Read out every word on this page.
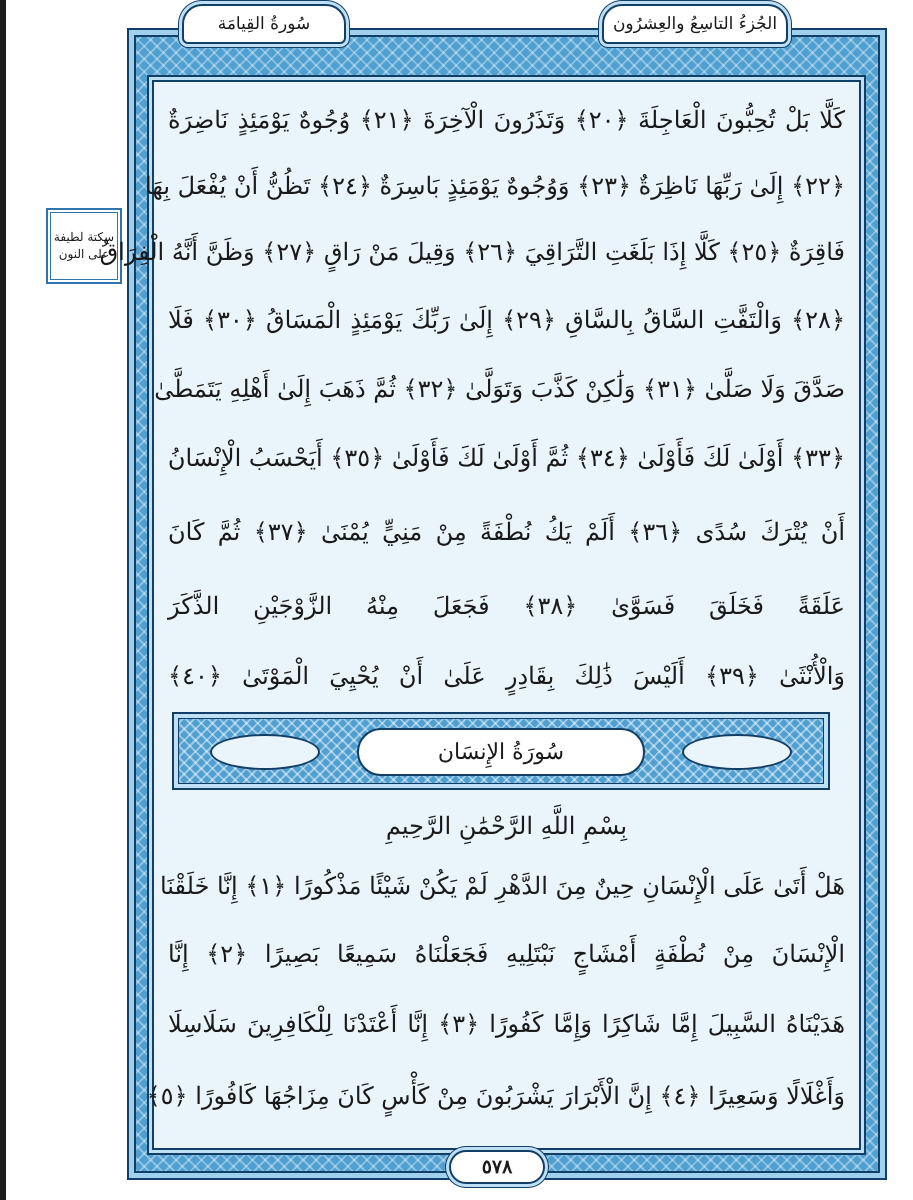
الجُزءُ التاسِعُ والعِشرُون
سُورةُ القِيامَة
سكتة لطيفة على النون
كَلَّا بَلْ تُحِبُّونَ الْعَاجِلَةَ ﴿٢٠﴾ وَتَذَرُونَ الْآخِرَةَ ﴿٢١﴾ وُجُوهٌ يَوْمَئِذٍ نَاضِرَةٌ
﴿٢٢﴾ إِلَىٰ رَبِّهَا نَاظِرَةٌ ﴿٢٣﴾ وَوُجُوهٌ يَوْمَئِذٍ بَاسِرَةٌ ﴿٢٤﴾ تَظُنُّ أَنْ يُفْعَلَ بِهَا
فَاقِرَةٌ ﴿٢٥﴾ كَلَّا إِذَا بَلَغَتِ التَّرَاقِيَ ﴿٢٦﴾ وَقِيلَ مَنْ رَاقٍ ﴿٢٧﴾ وَظَنَّ أَنَّهُ الْفِرَاقُ
﴿٢٨﴾ وَالْتَفَّتِ السَّاقُ بِالسَّاقِ ﴿٢٩﴾ إِلَىٰ رَبِّكَ يَوْمَئِذٍ الْمَسَاقُ ﴿٣٠﴾ فَلَا
صَدَّقَ وَلَا صَلَّىٰ ﴿٣١﴾ وَلَٰكِنْ كَذَّبَ وَتَوَلَّىٰ ﴿٣٢﴾ ثُمَّ ذَهَبَ إِلَىٰ أَهْلِهِ يَتَمَطَّىٰ
﴿٣٣﴾ أَوْلَىٰ لَكَ فَأَوْلَىٰ ﴿٣٤﴾ ثُمَّ أَوْلَىٰ لَكَ فَأَوْلَىٰ ﴿٣٥﴾ أَيَحْسَبُ الْإِنْسَانُ
أَنْ يُتْرَكَ سُدًى ﴿٣٦﴾ أَلَمْ يَكُ نُطْفَةً مِنْ مَنِيٍّ يُمْنَىٰ ﴿٣٧﴾ ثُمَّ كَانَ
عَلَقَةً فَخَلَقَ فَسَوَّىٰ ﴿٣٨﴾ فَجَعَلَ مِنْهُ الزَّوْجَيْنِ الذَّكَرَ
وَالْأُنْثَىٰ ﴿٣٩﴾ أَلَيْسَ ذَٰلِكَ بِقَادِرٍ عَلَىٰ أَنْ يُحْيِيَ الْمَوْتَىٰ ﴿٤٠﴾
سُورَةُ الإِنسَان
بِسْمِ اللَّهِ الرَّحْمَٰنِ الرَّحِيمِ
هَلْ أَتَىٰ عَلَى الْإِنْسَانِ حِينٌ مِنَ الدَّهْرِ لَمْ يَكُنْ شَيْئًا مَذْكُورًا ﴿١﴾ إِنَّا خَلَقْنَا
الْإِنْسَانَ مِنْ نُطْفَةٍ أَمْشَاجٍ نَبْتَلِيهِ فَجَعَلْنَاهُ سَمِيعًا بَصِيرًا ﴿٢﴾ إِنَّا
هَدَيْنَاهُ السَّبِيلَ إِمَّا شَاكِرًا وَإِمَّا كَفُورًا ﴿٣﴾ إِنَّا أَعْتَدْنَا لِلْكَافِرِينَ سَلَاسِلَا
وَأَغْلَالًا وَسَعِيرًا ﴿٤﴾ إِنَّ الْأَبْرَارَ يَشْرَبُونَ مِنْ كَأْسٍ كَانَ مِزَاجُهَا كَافُورًا ﴿٥﴾
٥٧٨
